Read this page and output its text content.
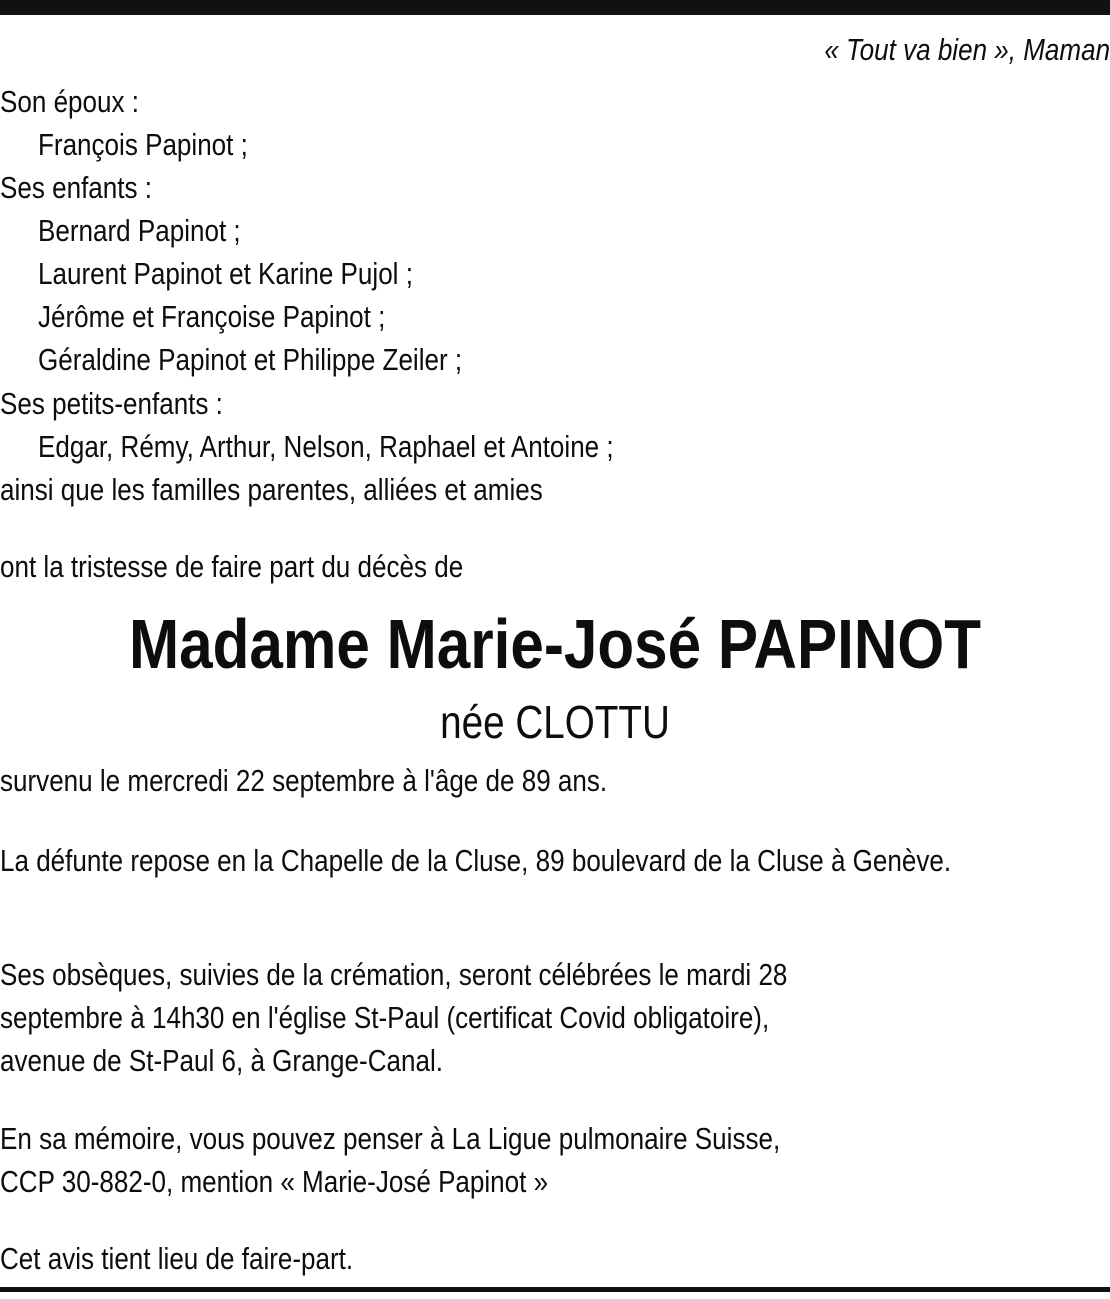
« Tout va bien », Maman

Son époux :

François Papinot ;

Ses enfants :

Bernard Papinot ;

Laurent Papinot et Karine Pujol ;

Jérôme et Françoise Papinot ;

Géraldine Papinot et Philippe Zeiler ;

Ses petits-enfants :

Edgar, Rémy, Arthur, Nelson, Raphael et Antoine ;

ainsi que les familles parentes, alliées et amies

ont la tristesse de faire part du décès de

Madame Marie-José PAPINOT

née CLOTTU

survenu le mercredi 22 septembre à l'âge de 89 ans.

La défunte repose en la Chapelle de la Cluse, 89 boulevard de la Cluse à Genève.

Ses obsèques, suivies de la crémation, seront célébrées le mardi 28

septembre à 14h30 en l'église St-Paul (certificat Covid obligatoire),

avenue de St-Paul 6, à Grange-Canal.

En sa mémoire, vous pouvez penser à La Ligue pulmonaire Suisse,

CCP 30-882-0, mention « Marie-José Papinot »

Cet avis tient lieu de faire-part.
